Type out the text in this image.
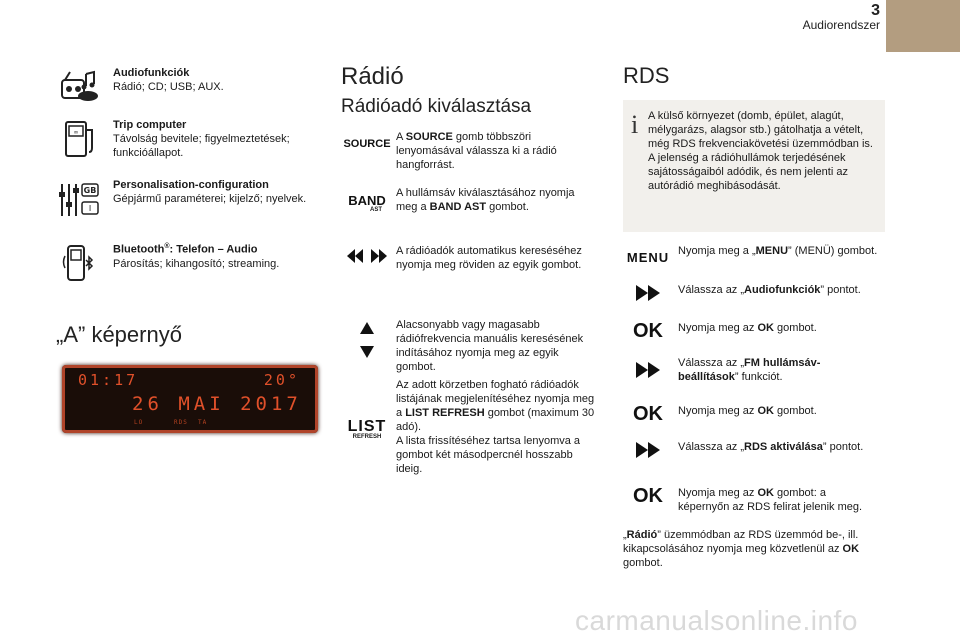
3
Audiorendszer
Audiofunkciók
Rádió; CD; USB; AUX.
∞
Trip computer
Távolság bevitele; figyelmeztetések; funkcióállapot.
GB
I
Personalisation-configuration
Gépjármű paraméterei; kijelző; nyelvek.
Bluetooth®: Telefon – Audio
Párosítás; kihangosító; streaming.
„A” képernyő
01:17	20°
26 MAI 2017
LO	RDS TA
Rádió
Rádióadó kiválasztása
SOURCE
A SOURCE gomb többszöri lenyomásával válassza ki a rádió hangforrást.
BAND
AST
A hullámsáv kiválasztásához nyomja meg a BAND AST gombot.
A rádióadók automatikus kereséséhez nyomja meg röviden az egyik gombot.
Alacsonyabb vagy magasabb rádiófrekvencia manuális keresésének indításához nyomja meg az egyik gombot.
LIST
REFRESH
Az adott körzetben fogható rádióadók listájának megjelenítéséhez nyomja meg a LIST REFRESH gombot (maximum 30 adó).
A lista frissítéséhez tartsa lenyomva a gombot két másodpercnél hosszabb ideig.
RDS
i A külső környezet (domb, épület, alagút, mélygarázs, alagsor stb.) gátolhatja a vételt, még RDS frekvenciakövetési üzemmódban is. A jelenség a rádióhullámok terjedésének sajátosságaiból adódik, és nem jelenti az autórádió meghibásodását.
MENU Nyomja meg a „MENU” (MENÜ) gombot.
Válassza az „Audiofunkciók” pontot.
OK	Nyomja meg az OK gombot.
Válassza az „FM hullámsáv-beállítások” funkciót.
OK	Nyomja meg az OK gombot.
Válassza az „RDS aktiválása” pontot.
OK	Nyomja meg az OK gombot: a képernyőn az RDS felirat jelenik meg.
„Rádió” üzemmódban az RDS üzemmód be-, ill. kikapcsolásához nyomja meg közvetlenül az OK gombot.
carmanualsonline.info
